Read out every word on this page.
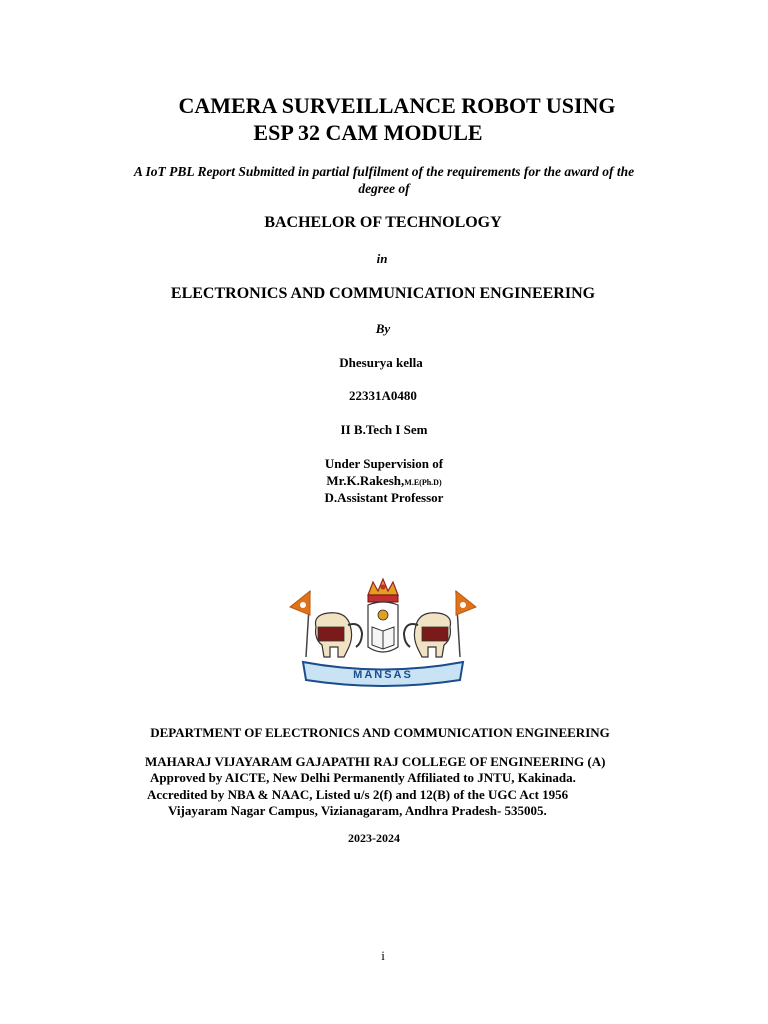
CAMERA SURVEILLANCE ROBOT USING
ESP 32 CAM MODULE
A IoT PBL Report Submitted in partial fulfilment of the requirements for the award of the
degree of
BACHELOR OF TECHNOLOGY
in
ELECTRONICS AND COMMUNICATION ENGINEERING
By
Dhesurya kella
22331A0480
II B.Tech I Sem
Under Supervision of
Mr.K.Rakesh,M.E(Ph.D)
D.Assistant Professor
MANSAS
DEPARTMENT OF ELECTRONICS AND COMMUNICATION ENGINEERING
MAHARAJ VIJAYARAM GAJAPATHI RAJ COLLEGE OF ENGINEERING (A)
Approved by AICTE, New Delhi Permanently Affiliated to JNTU, Kakinada.
Accredited by NBA & NAAC, Listed u/s 2(f) and 12(B) of the UGC Act 1956
Vijayaram Nagar Campus, Vizianagaram, Andhra Pradesh- 535005.
2023-2024
i
